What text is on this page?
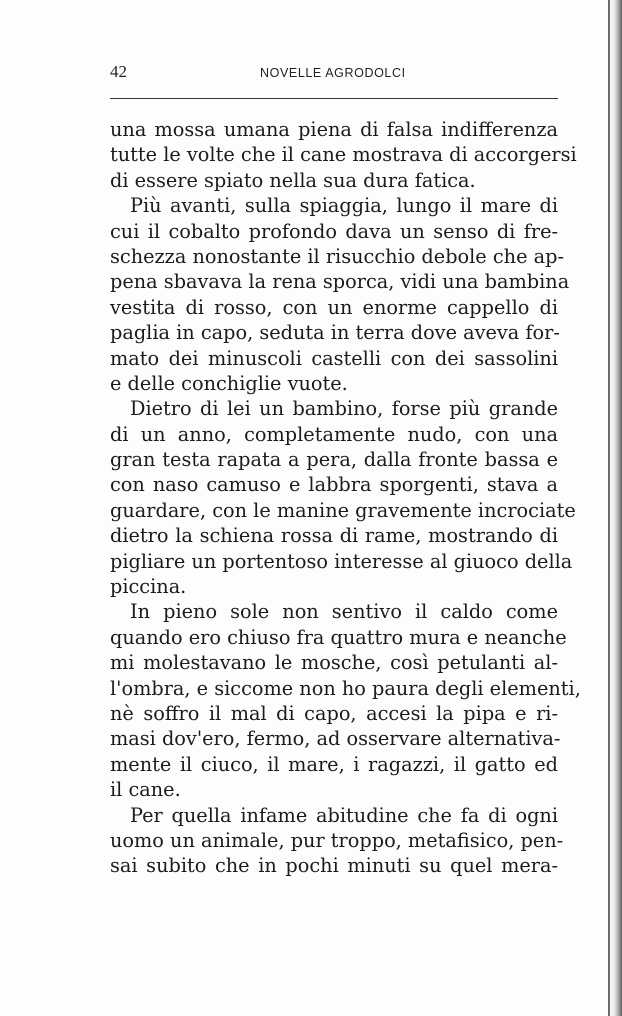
42	NOVELLE AGRODOLCI
una mossa umana piena di falsa indifferenza
tutte le volte che il cane mostrava di accorgersi
di essere spiato nella sua dura fatica.
Più avanti, sulla spiaggia, lungo il mare di
cui il cobalto profondo dava un senso di fre-
schezza nonostante il risucchio debole che ap-
pena sbavava la rena sporca, vidi una bambina
vestita di rosso, con un enorme cappello di
paglia in capo, seduta in terra dove aveva for-
mato dei minuscoli castelli con dei sassolini
e delle conchiglie vuote.
Dietro di lei un bambino, forse più grande
di un anno, completamente nudo, con una
gran testa rapata a pera, dalla fronte bassa e
con naso camuso e labbra sporgenti, stava a
guardare, con le manine gravemente incrociate
dietro la schiena rossa di rame, mostrando di
pigliare un portentoso interesse al giuoco della
piccina.
In pieno sole non sentivo il caldo come
quando ero chiuso fra quattro mura e neanche
mi molestavano le mosche, così petulanti al-
l'ombra, e siccome non ho paura degli elementi,
nè soffro il mal di capo, accesi la pipa e ri-
masi dov'ero, fermo, ad osservare alternativa-
mente il ciuco, il mare, i ragazzi, il gatto ed
il cane.
Per quella infame abitudine che fa di ogni
uomo un animale, pur troppo, metafisico, pen-
sai subito che in pochi minuti su quel mera-
